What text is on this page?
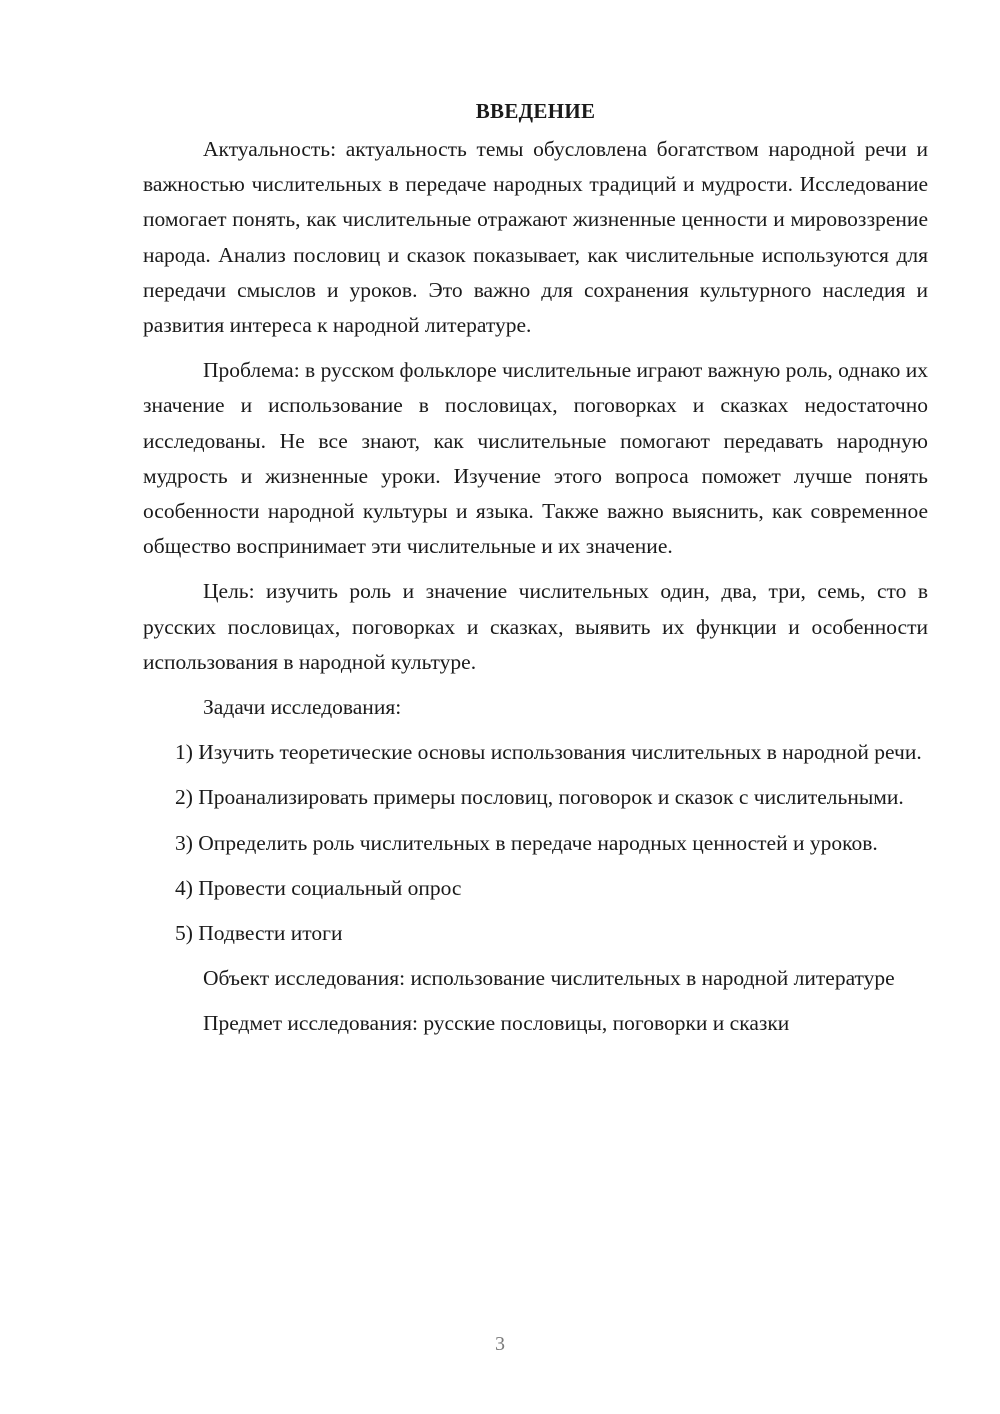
ВВЕДЕНИЕ

Актуальность: актуальность темы обусловлена богатством народной речи и важностью числительных в передаче народных традиций и мудрости. Исследование помогает понять, как числительные отражают жизненные ценности и мировоззрение народа. Анализ пословиц и сказок показывает, как числительные используются для передачи смыслов и уроков. Это важно для сохранения культурного наследия и развития интереса к народной литературе.

Проблема: в русском фольклоре числительные играют важную роль, однако их значение и использование в пословицах, поговорках и сказках недостаточно исследованы. Не все знают, как числительные помогают передавать народную мудрость и жизненные уроки. Изучение этого вопроса поможет лучше понять особенности народной культуры и языка. Также важно выяснить, как современное общество воспринимает эти числительные и их значение.

Цель: изучить роль и значение числительных один, два, три, семь, сто в русских пословицах, поговорках и сказках, выявить их функции и особенности использования в народной культуре.

Задачи исследования:

1) Изучить теоретические основы использования числительных в народной речи.

2) Проанализировать примеры пословиц, поговорок и сказок с числительными.

3) Определить роль числительных в передаче народных ценностей и уроков.

4) Провести социальный опрос

5) Подвести итоги

Объект исследования: использование числительных в народной литературе

Предмет исследования: русские пословицы, поговорки и сказки

3
